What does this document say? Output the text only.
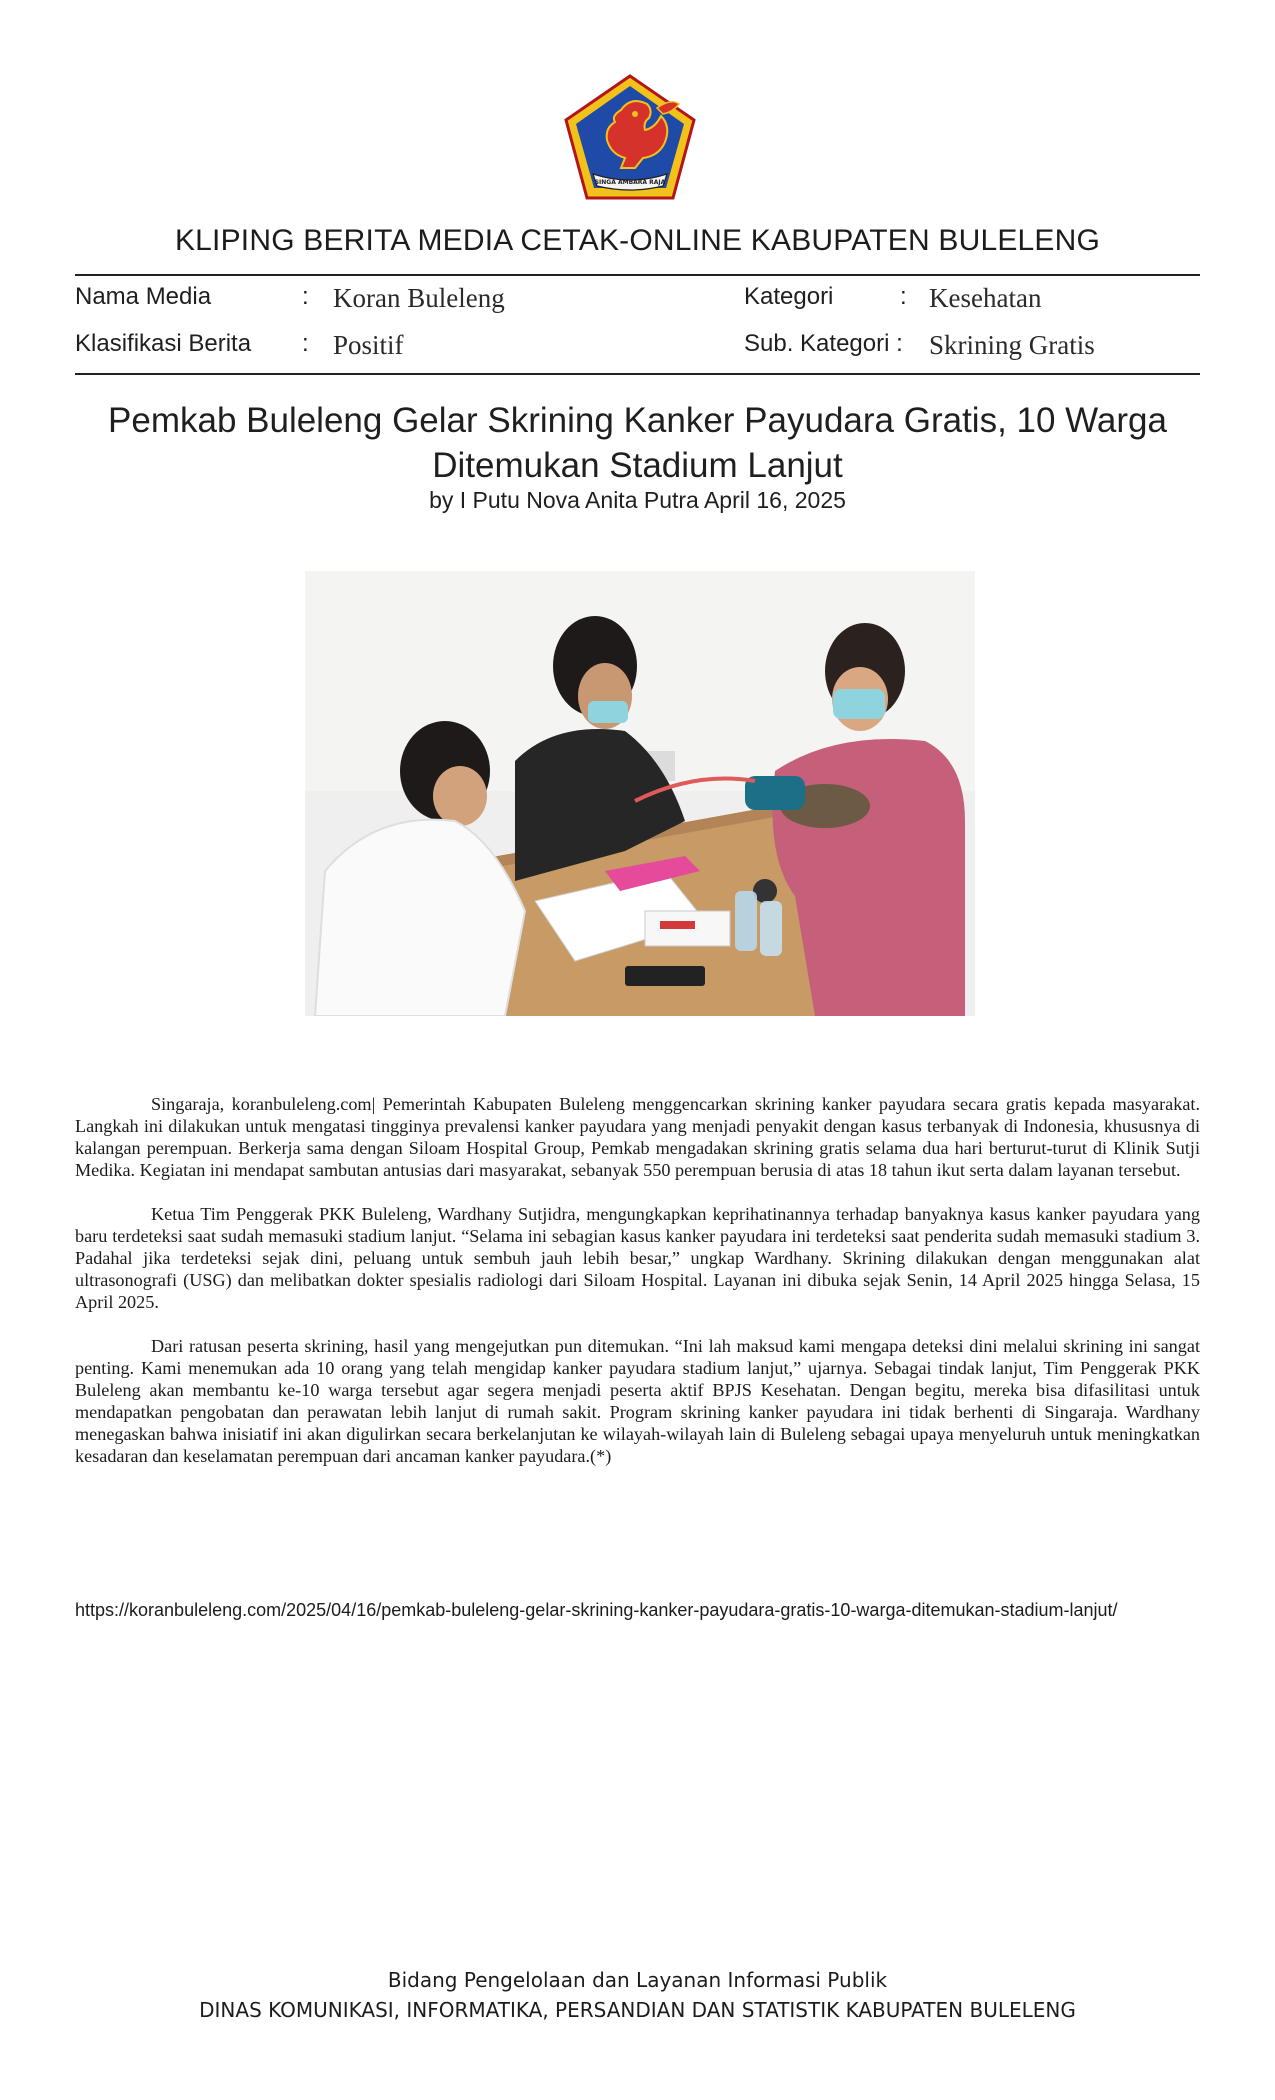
SINGA AMBARA RAJA
KLIPING BERITA MEDIA CETAK-ONLINE KABUPATEN BULELENG
Nama Media	: Koran Buleleng	Kategori	: Kesehatan
Klasifikasi Berita : Positif	Sub. Kategori : Skrining Gratis
Pemkab Buleleng Gelar Skrining Kanker Payudara Gratis, 10 Warga Ditemukan Stadium Lanjut
by I Putu Nova Anita Putra April 16, 2025

Singaraja, koranbuleleng.com| Pemerintah Kabupaten Buleleng menggencarkan skrining kanker payudara secara gratis kepada masyarakat. Langkah ini dilakukan untuk mengatasi tingginya prevalensi kanker payudara yang menjadi penyakit dengan kasus terbanyak di Indonesia, khususnya di kalangan perempuan. Berkerja sama dengan Siloam Hospital Group, Pemkab mengadakan skrining gratis selama dua hari berturut-turut di Klinik Sutji Medika. Kegiatan ini mendapat sambutan antusias dari masyarakat, sebanyak 550 perempuan berusia di atas 18 tahun ikut serta dalam layanan tersebut.

Ketua Tim Penggerak PKK Buleleng, Wardhany Sutjidra, mengungkapkan keprihatinannya terhadap banyaknya kasus kanker payudara yang baru terdeteksi saat sudah memasuki stadium lanjut. “Selama ini sebagian kasus kanker payudara ini terdeteksi saat penderita sudah memasuki stadium 3. Padahal jika terdeteksi sejak dini, peluang untuk sembuh jauh lebih besar,” ungkap Wardhany. Skrining dilakukan dengan menggunakan alat ultrasonografi (USG) dan melibatkan dokter spesialis radiologi dari Siloam Hospital. Layanan ini dibuka sejak Senin, 14 April 2025 hingga Selasa, 15 April 2025.

Dari ratusan peserta skrining, hasil yang mengejutkan pun ditemukan. “Ini lah maksud kami mengapa deteksi dini melalui skrining ini sangat penting. Kami menemukan ada 10 orang yang telah mengidap kanker payudara stadium lanjut,” ujarnya. Sebagai tindak lanjut, Tim Penggerak PKK Buleleng akan membantu ke-10 warga tersebut agar segera menjadi peserta aktif BPJS Kesehatan. Dengan begitu, mereka bisa difasilitasi untuk mendapatkan pengobatan dan perawatan lebih lanjut di rumah sakit. Program skrining kanker payudara ini tidak berhenti di Singaraja. Wardhany menegaskan bahwa inisiatif ini akan digulirkan secara berkelanjutan ke wilayah-wilayah lain di Buleleng sebagai upaya menyeluruh untuk meningkatkan kesadaran dan keselamatan perempuan dari ancaman kanker payudara.(*)

https://koranbuleleng.com/2025/04/16/pemkab-buleleng-gelar-skrining-kanker-payudara-gratis-10-warga-ditemukan-stadium-lanjut/
Bidang Pengelolaan dan Layanan Informasi Publik
DINAS KOMUNIKASI, INFORMATIKA, PERSANDIAN DAN STATISTIK KABUPATEN BULELENG
